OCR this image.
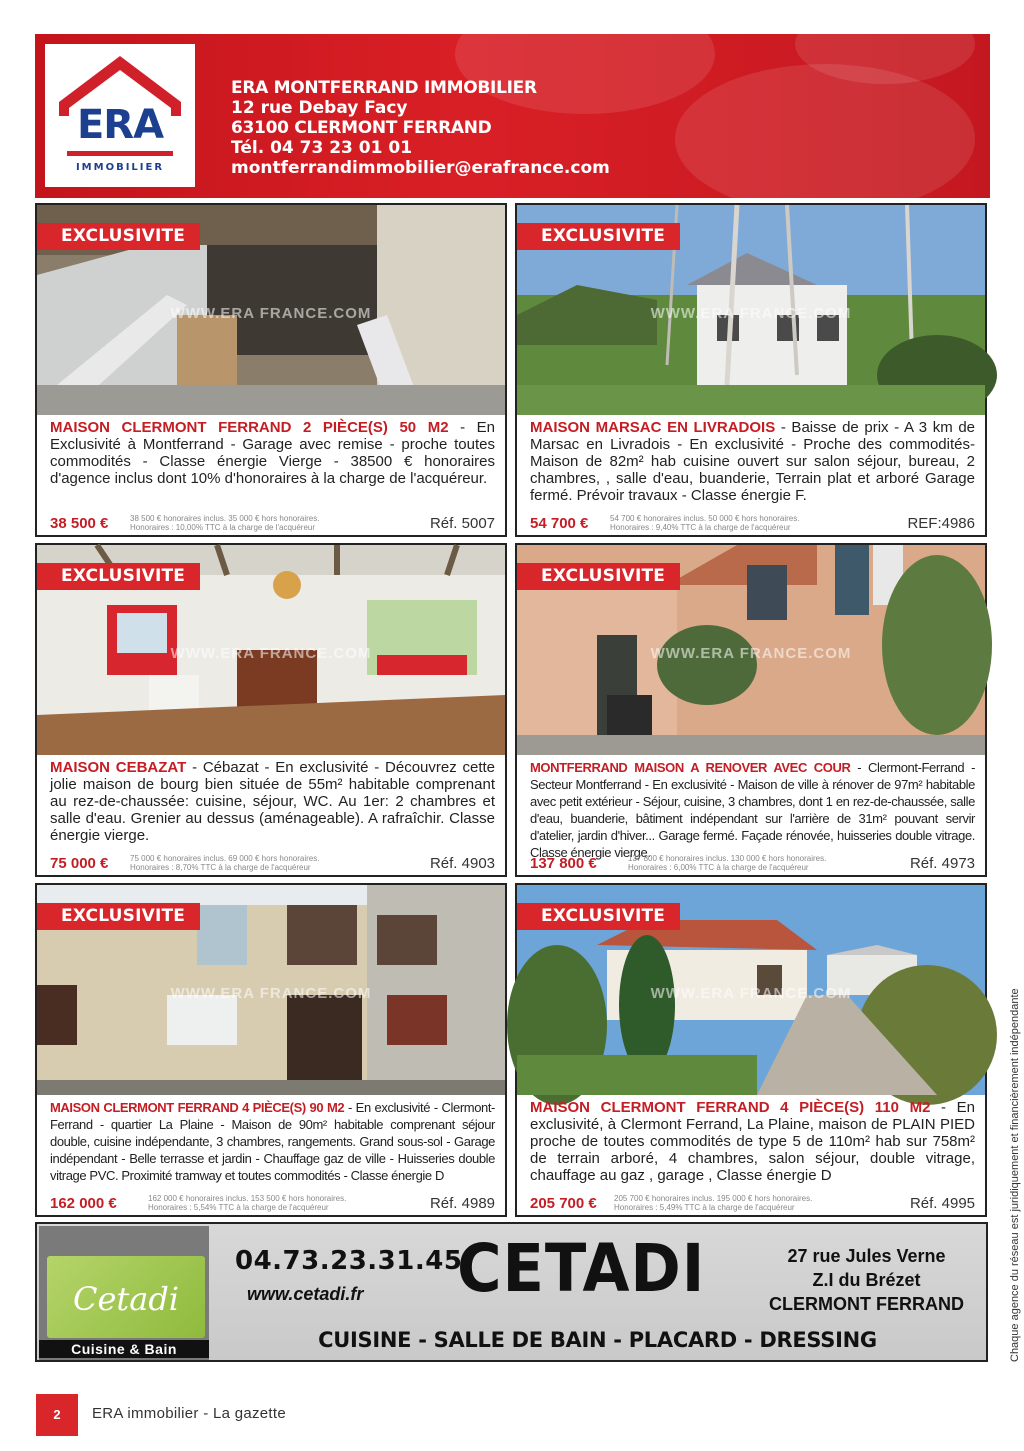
ERA
IMMOBILIER
ERA MONTFERRAND IMMOBILIER
12 rue Debay Facy
63100 CLERMONT FERRAND
Tél. 04 73 23 01 01
montferrandimmobilier@erafrance.com
WWW.ERA FRANCE.COM
EXCLUSIVITE
MAISON CLERMONT FERRAND 2 PIÈCE(S) 50 M2 - En Exclusivité à Montferrand - Garage avec remise - proche toutes commodités - Classe énergie Vierge - 38500 € honoraires d'agence inclus dont 10% d'honoraires à la charge de l'acquéreur.
38 500 €	38 500 € honoraires inclus. 35 000 € hors honoraires.
Honoraires : 10,00% TTC à la charge de l'acquéreur	Réf. 5007
WWW.ERA FRANCE.COM
EXCLUSIVITE
MAISON MARSAC EN LIVRADOIS - Baisse de prix - A 3 km de Marsac en Livradois - En exclusivité - Proche des commodités-Maison de 82m² hab cuisine ouvert sur salon séjour, bureau, 2 chambres, , salle d'eau, buanderie, Terrain plat et arboré Garage fermé. Prévoir travaux - Classe énergie F.
54 700 €	54 700 € honoraires inclus. 50 000 € hors honoraires.
Honoraires : 9,40% TTC à la charge de l'acquéreur	REF:4986
WWW.ERA FRANCE.COM
EXCLUSIVITE
MAISON CEBAZAT - Cébazat - En exclusivité - Découvrez cette jolie maison de bourg bien située de 55m² habitable comprenant au rez-de-chaussée: cuisine, séjour, WC. Au 1er: 2 chambres et salle d'eau. Grenier au dessus (aménageable). A rafraîchir. Classe énergie vierge.
75 000 €	75 000 € honoraires inclus. 69 000 € hors honoraires.
Honoraires : 8,70% TTC à la charge de l'acquéreur	Réf. 4903
WWW.ERA FRANCE.COM
EXCLUSIVITE
MONTFERRAND MAISON A RENOVER AVEC COUR - Clermont-Ferrand - Secteur Montferrand - En exclusivité - Maison de ville à rénover de 97m² habitable avec petit extérieur - Séjour, cuisine, 3 chambres, dont 1 en rez-de-chaussée, salle d'eau, buanderie, bâtiment indépendant sur l'arrière de 31m² pouvant servir d'atelier, jardin d'hiver... Garage fermé. Façade rénovée, huisseries double vitrage. Classe énergie vierge.
137 800 €	137 800 € honoraires inclus. 130 000 € hors honoraires.
Honoraires : 6,00% TTC à la charge de l'acquéreur	Réf. 4973
WWW.ERA FRANCE.COM
EXCLUSIVITE
MAISON CLERMONT FERRAND 4 PIÈCE(S) 90 M2 - En exclusivité - Clermont-Ferrand - quartier La Plaine - Maison de 90m² habitable comprenant séjour double, cuisine indépendante, 3 chambres, rangements. Grand sous-sol - Garage indépendant - Belle terrasse et jardin - Chauffage gaz de ville - Huisseries double vitrage PVC. Proximité tramway et toutes commodités - Classe énergie D
162 000 €	162 000 € honoraires inclus. 153 500 € hors honoraires.
Honoraires : 5,54% TTC à la charge de l'acquéreur	Réf. 4989
WWW.ERA FRANCE.COM
EXCLUSIVITE
MAISON CLERMONT FERRAND 4 PIÈCE(S) 110 M2 - En exclusivité, à Clermont Ferrand, La Plaine, maison de PLAIN PIED proche de toutes commodités de type 5 de 110m² hab sur 758m² de terrain arboré, 4 chambres, salon séjour, double vitrage, chauffage au gaz , garage , Classe énergie D
205 700 € 205 700 € honoraires inclus. 195 000 € hors honoraires.
Honoraires : 5,49% TTC à la charge de l'acquéreur	Réf. 4995
Cetadi
Cuisine & Bain
04.73.23.31.45
www.cetadi.fr CETADI	27 rue Jules Verne
Z.I du Brézet
CLERMONT FERRAND
CUISINE - SALLE DE BAIN - PLACARD - DRESSING	Chaque agence du réseau est juridiquement et financièrement indépendante
2	ERA immobilier - La gazette
